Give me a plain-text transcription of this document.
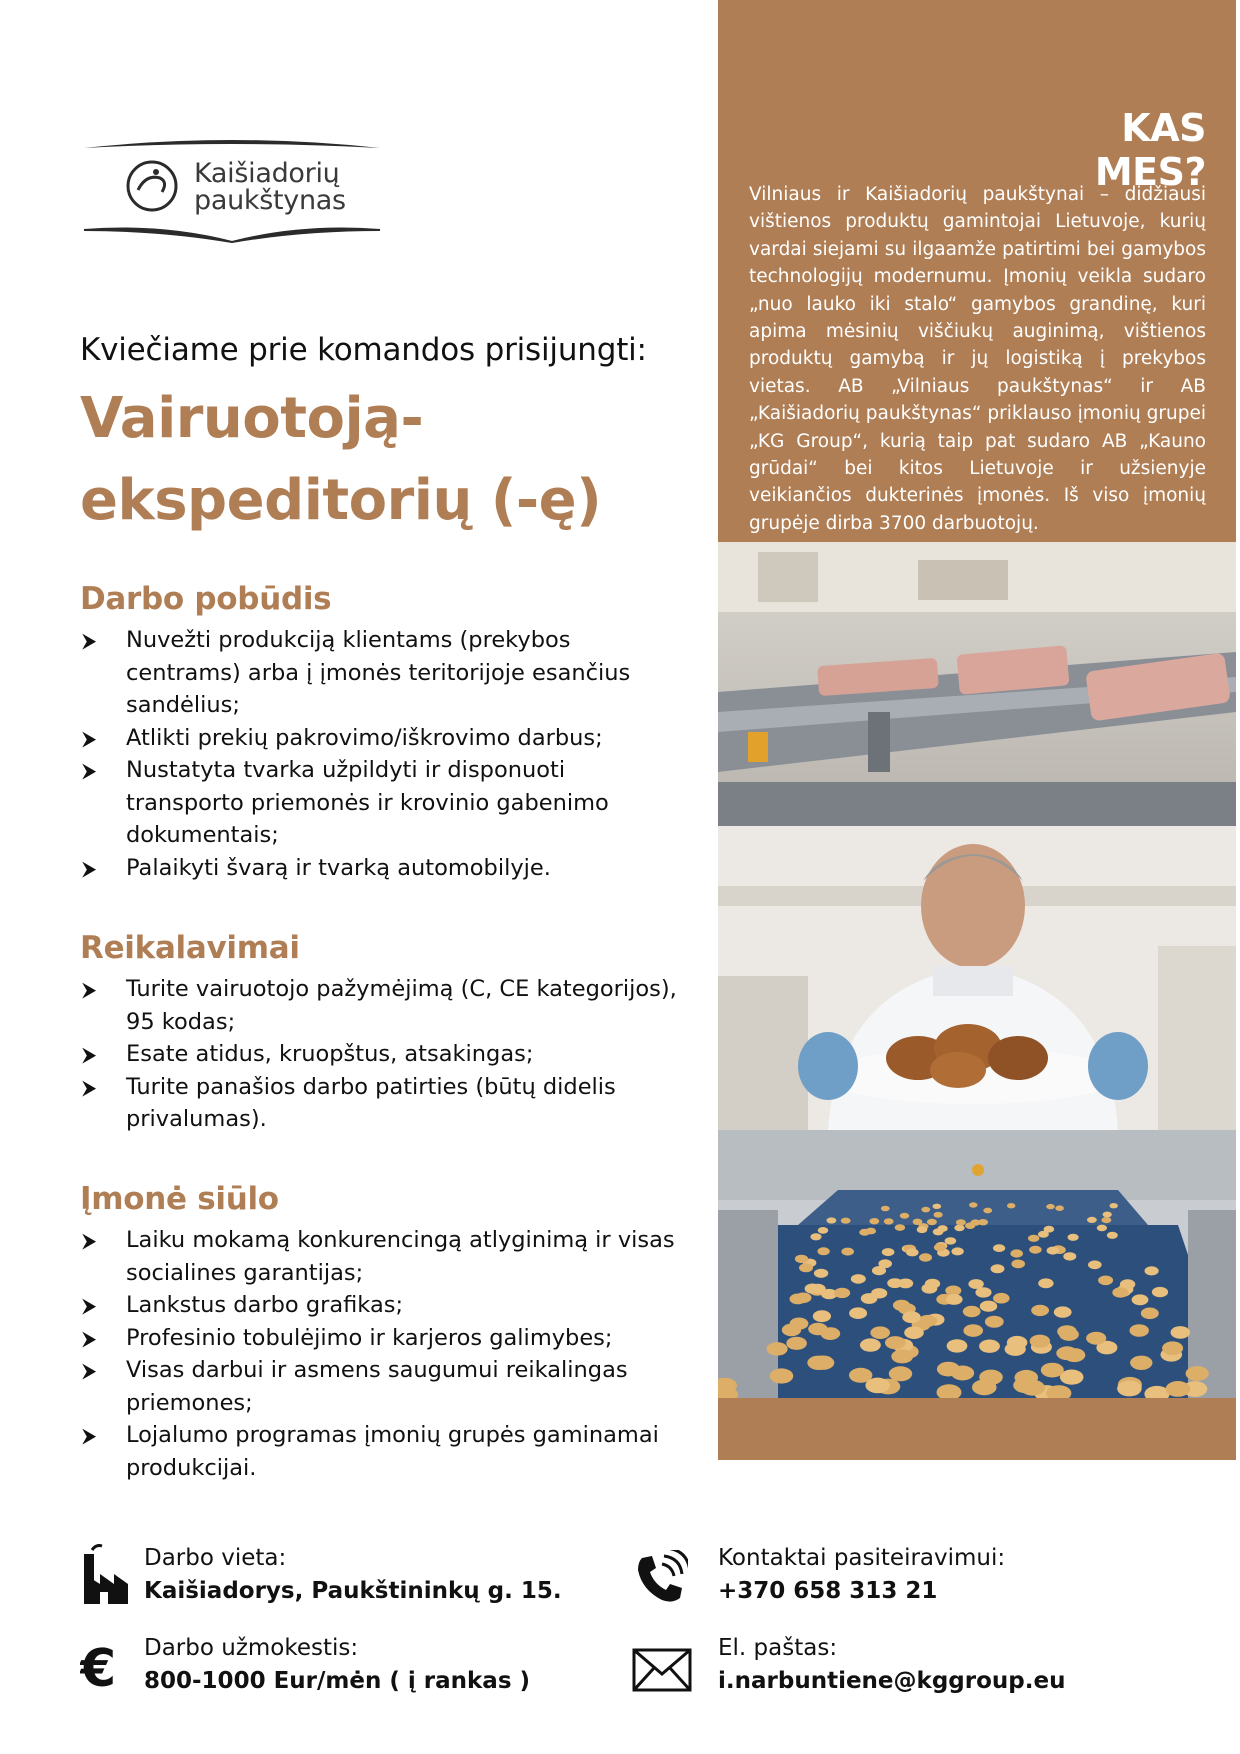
Kaišiadorių
paukštynas
Kviečiame prie komandos prisijungti:
Vairuotoją-
ekspeditorių (-ę)
Darbo pobūdis
⮞ Nuvežti produkciją klientams (prekybos centrams) arba į įmonės teritorijoje esančius sandėlius;
⮞ Atlikti prekių pakrovimo/iškrovimo darbus;
⮞ Nustatyta tvarka užpildyti ir disponuoti transporto priemonės ir krovinio gabenimo dokumentais;
⮞ Palaikyti švarą ir tvarką automobilyje.
Reikalavimai
⮞ Turite vairuotojo pažymėjimą (C, CE kategorijos), 95 kodas;
⮞ Esate atidus, kruopštus, atsakingas;
⮞ Turite panašios darbo patirties (būtų didelis privalumas).
Įmonė siūlo
⮞ Laiku mokamą konkurencingą atlyginimą ir visas socialines garantijas;
⮞ Lankstus darbo grafikas;
⮞ Profesinio tobulėjimo ir karjeros galimybes;
⮞ Visas darbui ir asmens saugumui reikalingas priemones;
⮞ Lojalumo programas įmonių grupės gaminamai produkcijai.
KAS MES?
Vilniaus ir Kaišiadorių paukštynai – didžiausi vištienos produktų gamintojai Lietuvoje, kurių vardai siejami su ilgaamže patirtimi bei gamybos technologijų modernumu. Įmonių veikla sudaro „nuo lauko iki stalo“ gamybos grandinę, kuri apima mėsinių viščiukų auginimą, vištienos produktų gamybą ir jų logistiką į prekybos vietas. AB „Vilniaus paukštynas“ ir AB „Kaišiadorių paukštynas“ priklauso įmonių grupei „KG Group“, kurią taip pat sudaro AB „Kauno grūdai“ bei kitos Lietuvoje ir užsienyje veikiančios dukterinės įmonės. Iš viso įmonių grupėje dirba 3700 darbuotojų.
Darbo vieta:
Kaišiadorys, Paukštininkų g. 15.
€ Darbo užmokestis:
800-1000 Eur/mėn ( į rankas )
Kontaktai pasiteiravimui:
+370 658 313 21
El. paštas:
i.narbuntiene@kggroup.eu
